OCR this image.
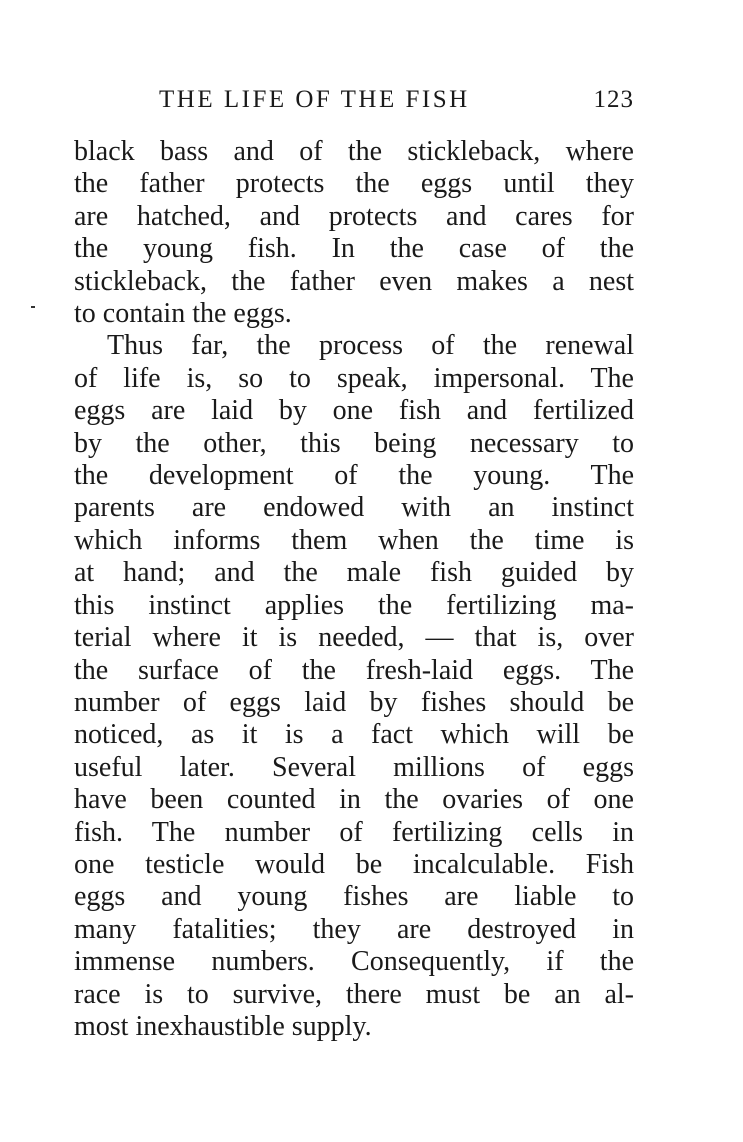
THE LIFE OF THE FISH	123
black bass and of the stickleback, where
the father protects the eggs until they
are hatched, and protects and cares for
the young fish. In the case of the
stickleback, the father even makes a nest
to contain the eggs.
Thus far, the process of the renewal
of life is, so to speak, impersonal. The
eggs are laid by one fish and fertilized
by the other, this being necessary to
the development of the young. The
parents are endowed with an instinct
which informs them when the time is
at hand; and the male fish guided by
this instinct applies the fertilizing ma-
terial where it is needed, — that is, over
the surface of the fresh-laid eggs. The
number of eggs laid by fishes should be
noticed, as it is a fact which will be
useful later. Several millions of eggs
have been counted in the ovaries of one
fish. The number of fertilizing cells in
one testicle would be incalculable. Fish
eggs and young fishes are liable to
many fatalities; they are destroyed in
immense numbers. Consequently, if the
race is to survive, there must be an al-
most inexhaustible supply.
